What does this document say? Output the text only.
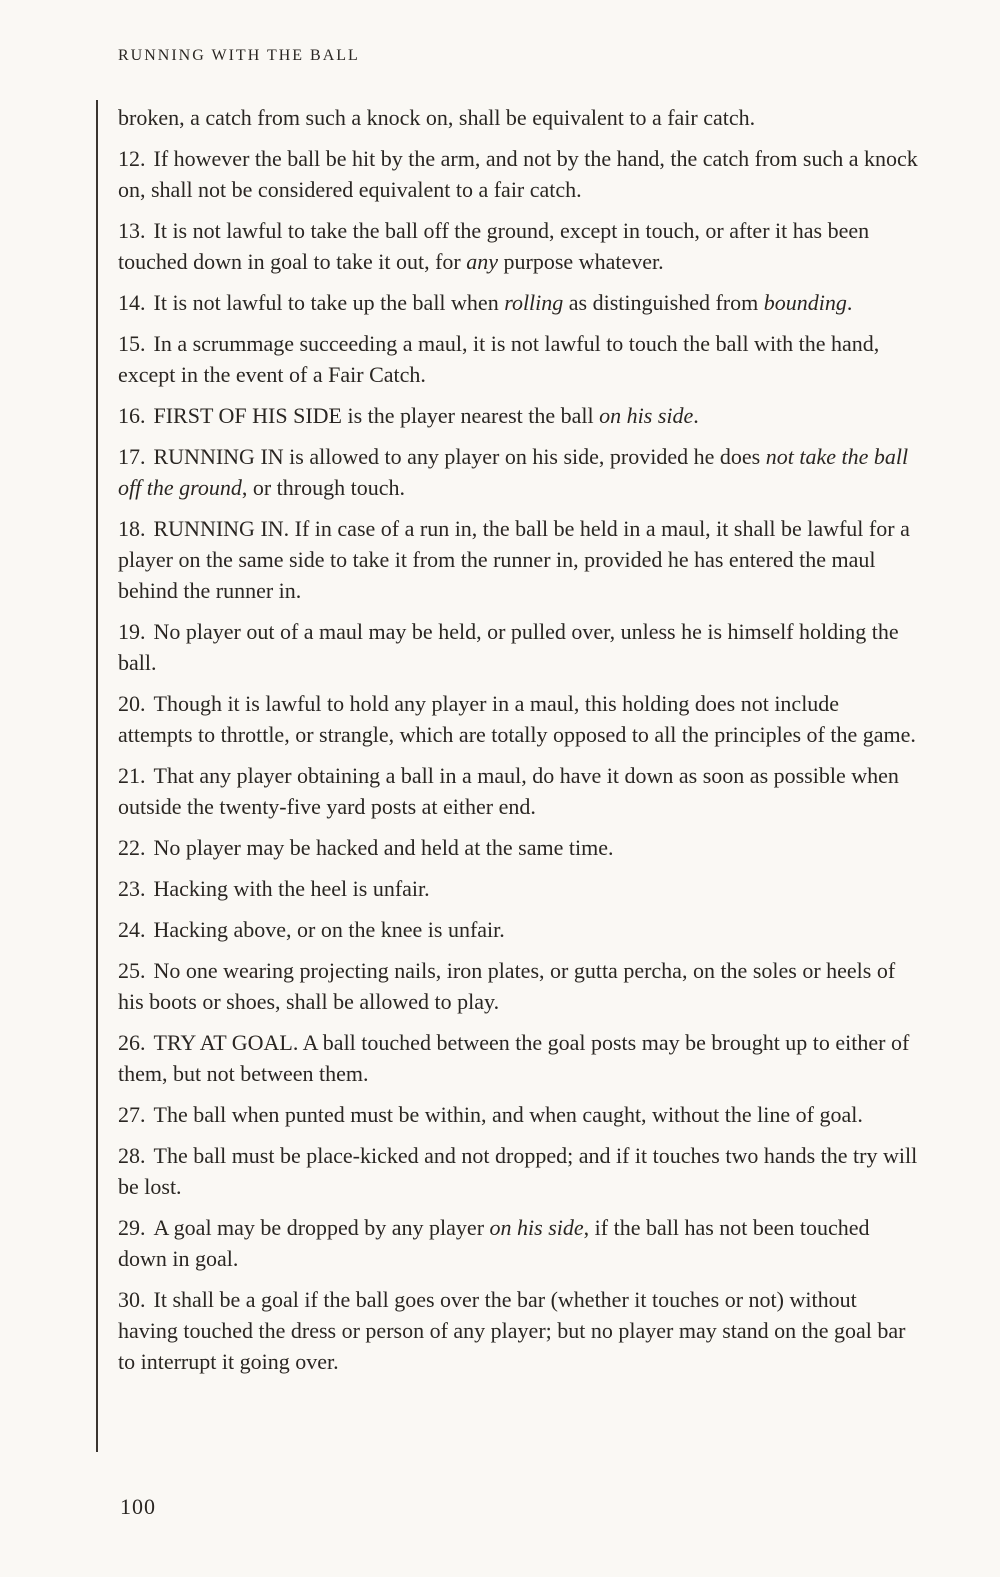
RUNNING WITH THE BALL
broken, a catch from such a knock on, shall be equivalent to a fair catch.
12. If however the ball be hit by the arm, and not by the hand, the catch from such a knock on, shall not be considered equivalent to a fair catch.
13. It is not lawful to take the ball off the ground, except in touch, or after it has been touched down in goal to take it out, for any purpose whatever.
14. It is not lawful to take up the ball when rolling as distinguished from bounding.
15. In a scrummage succeeding a maul, it is not lawful to touch the ball with the hand, except in the event of a Fair Catch.
16. FIRST OF HIS SIDE is the player nearest the ball on his side.
17. RUNNING IN is allowed to any player on his side, provided he does not take the ball off the ground, or through touch.
18. RUNNING IN. If in case of a run in, the ball be held in a maul, it shall be lawful for a player on the same side to take it from the runner in, provided he has entered the maul behind the runner in.
19. No player out of a maul may be held, or pulled over, unless he is himself holding the ball.
20. Though it is lawful to hold any player in a maul, this holding does not include attempts to throttle, or strangle, which are totally opposed to all the principles of the game.
21. That any player obtaining a ball in a maul, do have it down as soon as possible when outside the twenty-five yard posts at either end.
22. No player may be hacked and held at the same time.
23. Hacking with the heel is unfair.
24. Hacking above, or on the knee is unfair.
25. No one wearing projecting nails, iron plates, or gutta percha, on the soles or heels of his boots or shoes, shall be allowed to play.
26. TRY AT GOAL. A ball touched between the goal posts may be brought up to either of them, but not between them.
27. The ball when punted must be within, and when caught, without the line of goal.
28. The ball must be place-kicked and not dropped; and if it touches two hands the try will be lost.
29. A goal may be dropped by any player on his side, if the ball has not been touched down in goal.
30. It shall be a goal if the ball goes over the bar (whether it touches or not) without having touched the dress or person of any player; but no player may stand on the goal bar to interrupt it going over.
100
